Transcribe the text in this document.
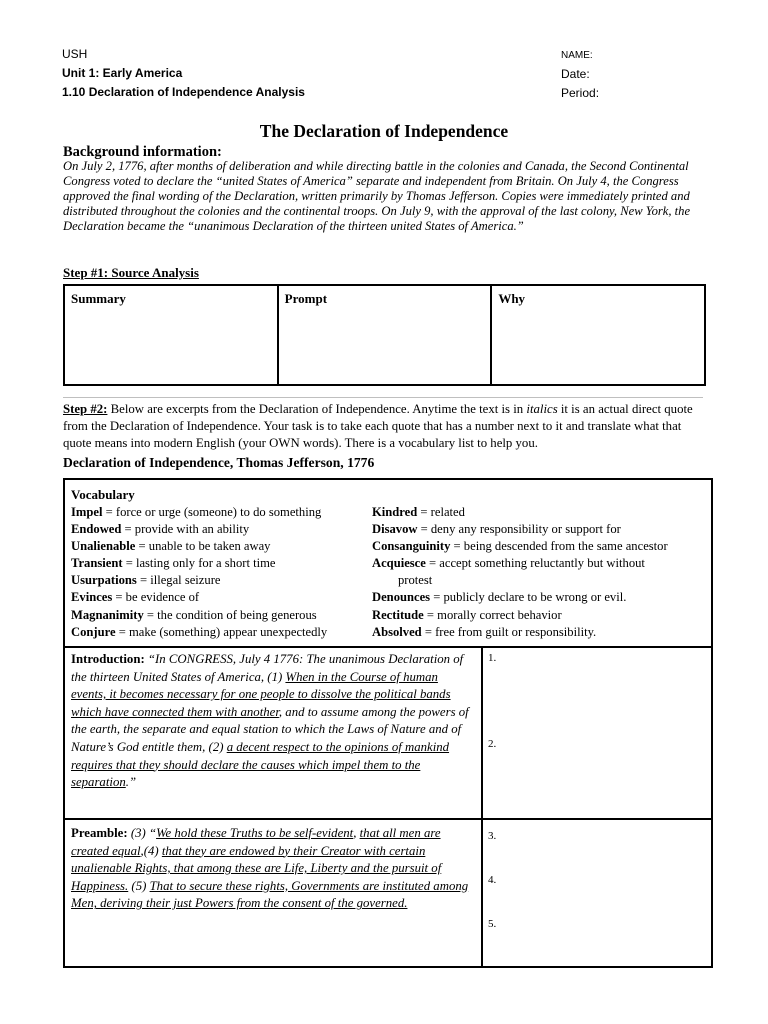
USH
Unit 1: Early America
1.10 Declaration of Independence Analysis
NAME:
Date:
Period:
The Declaration of Independence
Background information:
On July 2, 1776, after months of deliberation and while directing battle in the colonies and Canada, the Second Continental Congress voted to declare the “united States of America” separate and independent from Britain. On July 4, the Congress approved the final wording of the Declaration, written primarily by Thomas Jefferson. Copies were immediately printed and distributed throughout the colonies and the continental troops. On July 9, with the approval of the last colony, New York, the Declaration became the “unanimous Declaration of the thirteen united States of America.”
Step #1: Source Analysis
Summary	Prompt	Why
Step #2: Below are excerpts from the Declaration of Independence. Anytime the text is in italics it is an actual direct quote from the Declaration of Independence. Your task is to take each quote that has a number next to it and translate what that quote means into modern English (your OWN words). There is a vocabulary list to help you.
Declaration of Independence, Thomas Jefferson, 1776
Vocabulary
Impel = force or urge (someone) to do something
Endowed = provide with an ability
Unalienable = unable to be taken away
Transient = lasting only for a short time
Usurpations = illegal seizure
Evinces = be evidence of
Magnanimity = the condition of being generous
Conjure = make (something) appear unexpectedly
Kindred = related
Disavow = deny any responsibility or support for
Consanguinity = being descended from the same ancestor
Acquiesce = accept something reluctantly but without
protest
Denounces = publicly declare to be wrong or evil.
Rectitude = morally correct behavior
Absolved = free from guilt or responsibility.
Introduction: “In CONGRESS, July 4 1776: The unanimous Declaration of the thirteen United States of America, (1) When in the Course of human events, it becomes necessary for one people to dissolve the political bands which have connected them with another, and to assume among the powers of the earth, the separate and equal station to which the Laws of Nature and of Nature’s God entitle them, (2) a decent respect to the opinions of mankind requires that they should declare the causes which impel them to the separation.”
1.
2.
Preamble: (3) “We hold these Truths to be self-evident, that all men are created equal,(4) that they are endowed by their Creator with certain unalienable Rights, that among these are Life, Liberty and the pursuit of Happiness. (5) That to secure these rights, Governments are instituted among Men, deriving their just Powers from the consent of the governed.
3.
4.
5.
